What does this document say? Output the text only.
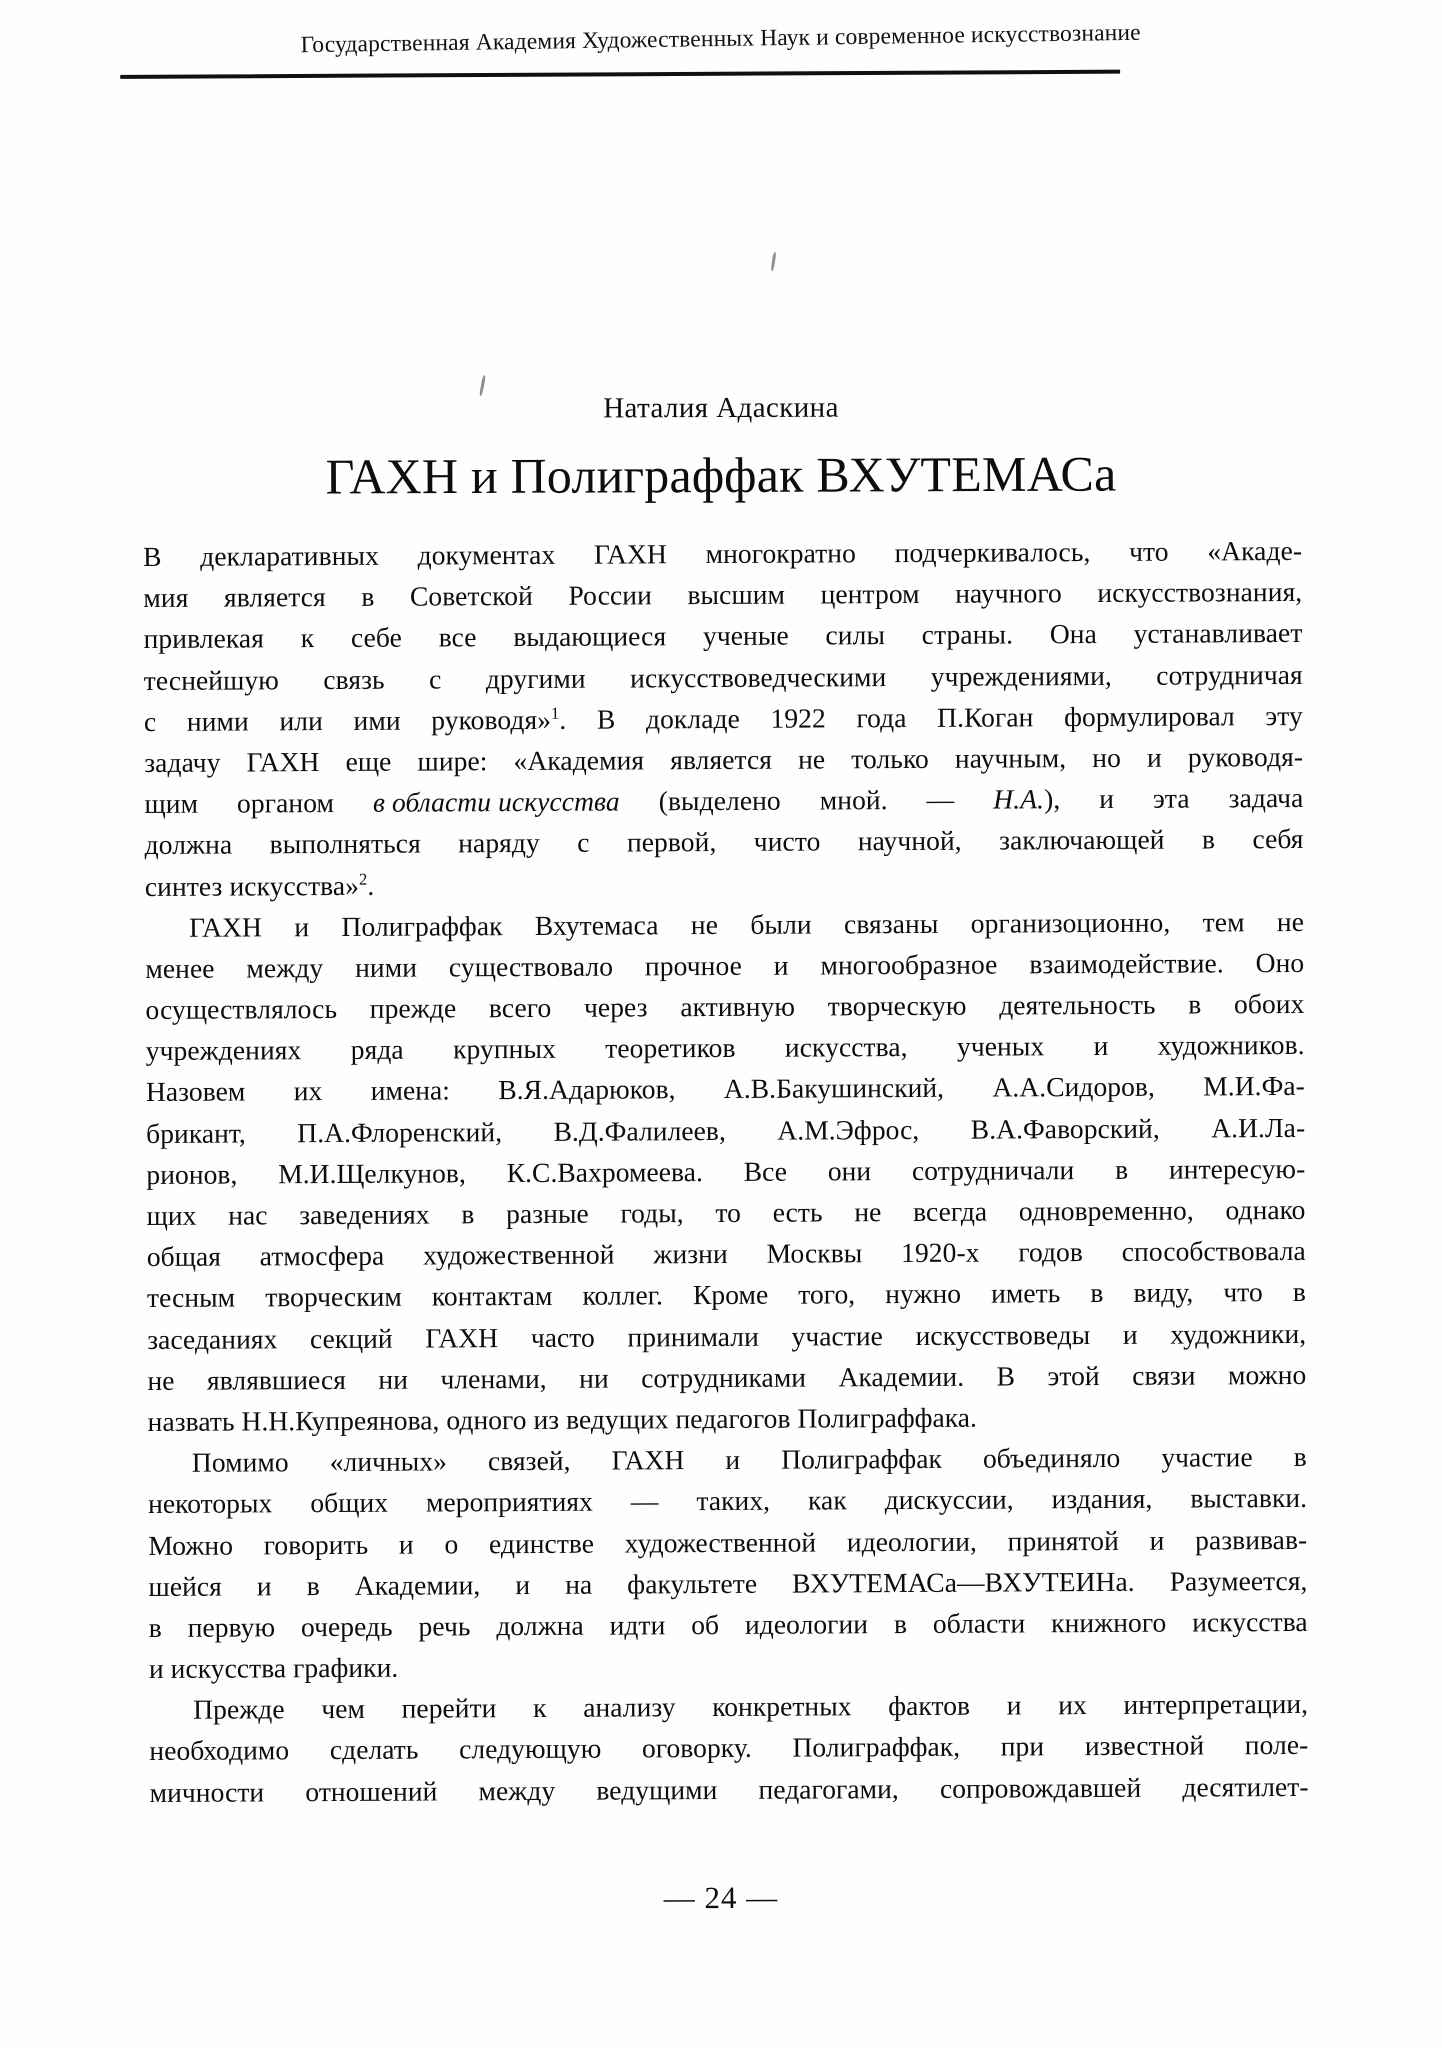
Государственная Академия Художественных Наук и современное искусствознание
Наталия Адаскина
ГАХН и Полиграффак ВХУТЕМАСа
В декларативных документах ГАХН многократно подчеркивалось, что «Акаде-
мия является в Советской России высшим центром научного искусствознания,
привлекая к себе все выдающиеся ученые силы страны. Она устанавливает
теснейшую связь с другими искусствоведческими учреждениями, сотрудничая
с ними или ими руководя»$^1$. В докладе 1922 года П.Коган формулировал эту
задачу ГАХН еще шире: «Академия является не только научным, но и руководя-
щим органом в области искусства (выделено мной. — Н.А.), и эта задача
должна выполняться наряду с первой, чисто научной, заключающей в себя
синтез искусства»$^2$.
ГАХН и Полиграффак Вхутемаса не были связаны организоционно, тем не
менее между ними существовало прочное и многообразное взаимодействие. Оно
осуществлялось прежде всего через активную творческую деятельность в обоих
учреждениях ряда крупных теоретиков искусства, ученых и художников.
Назовем их имена: В.Я.Адарюков, А.В.Бакушинский, А.А.Сидоров, М.И.Фа-
брикант, П.А.Флоренский, В.Д.Фалилеев, А.М.Эфрос, В.А.Фаворский, А.И.Ла-
рионов, М.И.Щелкунов, К.С.Вахромеева. Все они сотрудничали в интересую-
щих нас заведениях в разные годы, то есть не всегда одновременно, однако
общая атмосфера художественной жизни Москвы 1920-х годов способствовала
тесным творческим контактам коллег. Кроме того, нужно иметь в виду, что в
заседаниях секций ГАХН часто принимали участие искусствоведы и художники,
не являвшиеся ни членами, ни сотрудниками Академии. В этой связи можно
назвать Н.Н.Купреянова, одного из ведущих педагогов Полиграффака.
Помимо «личных» связей, ГАХН и Полиграффак объединяло участие в
некоторых общих мероприятиях — таких, как дискуссии, издания, выставки.
Можно говорить и о единстве художественной идеологии, принятой и развивав-
шейся и в Академии, и на факультете ВХУТЕМАСа—ВХУТЕИНа. Разумеется,
в первую очередь речь должна идти об идеологии в области книжного искусства
и искусства графики.
Прежде чем перейти к анализу конкретных фактов и их интерпретации,
необходимо сделать следующую оговорку. Полиграффак, при известной поле-
мичности отношений между ведущими педагогами, сопровождавшей десятилет-
— 24 —
